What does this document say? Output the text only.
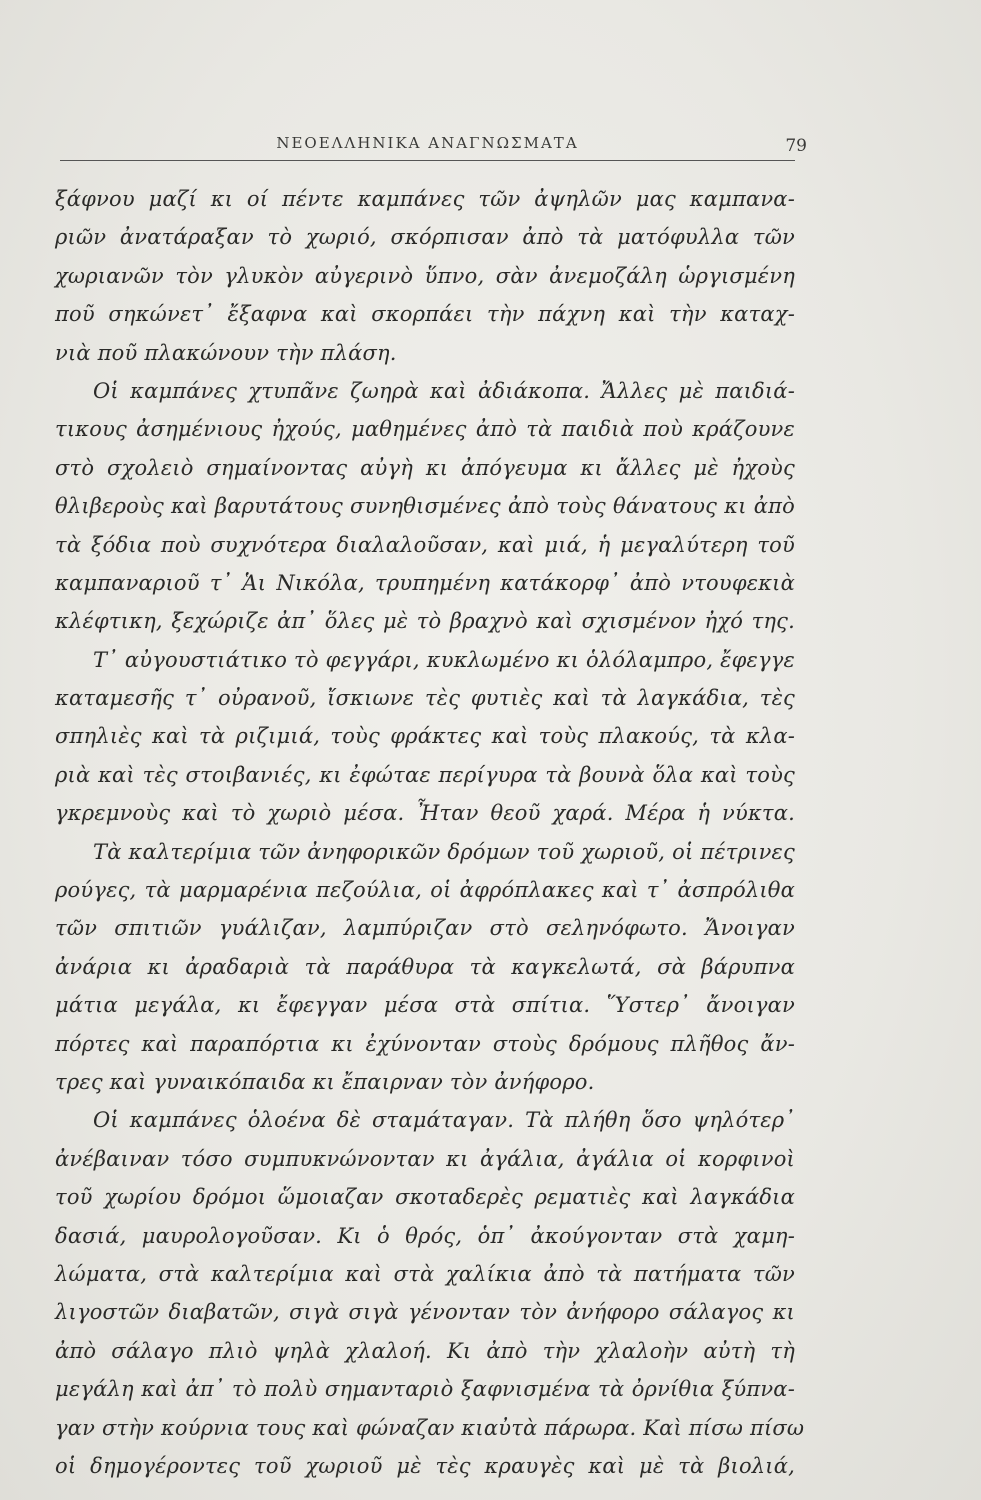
ΝΕΟΕΛΛΗΝΙΚΑ ΑΝΑΓΝΩΣΜΑΤΑ	79
ξάφνου μαζί κι οί πέντε καμπάνες τῶν ἀψηλῶν μας καμπανα-
ριῶν ἀνατάραξαν τὸ χωριό, σκόρπισαν ἀπὸ τὰ ματόφυλλα τῶν
χωριανῶν τὸν γλυκὸν αὐγερινὸ ὕπνο, σὰν ἀνεμοζάλη ὡργισμένη
ποῦ σηκώνετ᾽ ἔξαφνα καὶ σκορπάει τὴν πάχνη καὶ τὴν καταχ-
νιὰ ποῦ πλακώνουν τὴν πλάση.
Οἱ καμπάνες χτυπᾶνε ζωηρὰ καὶ ἀδιάκοπα. Ἄλλες μὲ παιδιά-
τικους ἀσημένιους ἠχούς, μαθημένες ἀπὸ τὰ παιδιὰ ποὺ κράζουνε
στὸ σχολειὸ σημαίνοντας αὐγὴ κι ἀπόγευμα κι ἄλλες μὲ ἠχοὺς
θλιβεροὺς καὶ βαρυτάτους συνηθισμένες ἀπὸ τοὺς θάνατους κι ἀπὸ
τὰ ξόδια ποὺ συχνότερα διαλαλοῦσαν, καὶ μιά, ἡ μεγαλύτερη τοῦ
καμπαναριοῦ τ᾽ Ἁι Νικόλα, τρυπημένη κατάκορφ᾽ ἀπὸ ντουφεκιὰ
κλέφτικη, ξεχώριζε ἀπ᾽ ὅλες μὲ τὸ βραχνὸ καὶ σχισμένον ἠχό της.
Τ᾽ αὐγουστιάτικο τὸ φεγγάρι, κυκλωμένο κι ὁλόλαμπρο, ἔφεγγε
καταμεσῆς τ᾽ οὐρανοῦ, ἴσκιωνε τὲς φυτιὲς καὶ τὰ λαγκάδια, τὲς
σπηλιὲς καὶ τὰ ριζιμιά, τοὺς φράκτες καὶ τοὺς πλακούς, τὰ κλα-
ριὰ καὶ τὲς στοιβανιές, κι ἐφώταε περίγυρα τὰ βουνὰ ὅλα καὶ τοὺς
γκρεμνοὺς καὶ τὸ χωριὸ μέσα. Ἦταν θεοῦ χαρά. Μέρα ἡ νύκτα.
Τὰ καλτερίμια τῶν ἀνηφορικῶν δρόμων τοῦ χωριοῦ, οἱ πέτρινες
ρούγες, τὰ μαρμαρένια πεζούλια, οἱ ἀφρόπλακες καὶ τ᾽ ἀσπρόλιθα
τῶν σπιτιῶν γυάλιζαν, λαμπύριζαν στὸ σεληνόφωτο. Ἄνοιγαν
ἀνάρια κι ἀραδαριὰ τὰ παράθυρα τὰ καγκελωτά, σὰ βάρυπνα
μάτια μεγάλα, κι ἔφεγγαν μέσα στὰ σπίτια. Ὕστερ᾽ ἄνοιγαν
πόρτες καὶ παραπόρτια κι ἐχύνονταν στοὺς δρόμους πλῆθος ἄν-
τρες καὶ γυναικόπαιδα κι ἔπαιρναν τὸν ἀνήφορο.
Οἱ καμπάνες ὁλοένα δὲ σταμάταγαν. Τὰ πλήθη ὅσο ψηλότερ᾽
ἀνέβαιναν τόσο συμπυκνώνονταν κι ἀγάλια, ἀγάλια οἱ κορφινοὶ
τοῦ χωρίου δρόμοι ὥμοιαζαν σκοταδερὲς ρεματιὲς καὶ λαγκάδια
δασιά, μαυρολογοῦσαν. Κι ὁ θρός, ὁπ᾽ ἀκούγονταν στὰ χαμη-
λώματα, στὰ καλτερίμια καὶ στὰ χαλίκια ἀπὸ τὰ πατήματα τῶν
λιγοστῶν διαβατῶν, σιγὰ σιγὰ γένονταν τὸν ἀνήφορο σάλαγος κι
ἀπὸ σάλαγο πλιὸ ψηλὰ χλαλοή. Κι ἀπὸ τὴν χλαλοὴν αὐτὴ τὴ
μεγάλη καὶ ἀπ᾽ τὸ πολὺ σημανταριὸ ξαφνισμένα τὰ ὀρνίθια ξύπνα-
γαν στὴν κούρνια τους καὶ φώναζαν κιαὐτὰ πάρωρα. Καὶ πίσω πίσω
οἱ δημογέροντες τοῦ χωριοῦ μὲ τὲς κραυγὲς καὶ μὲ τὰ βιολιά,
